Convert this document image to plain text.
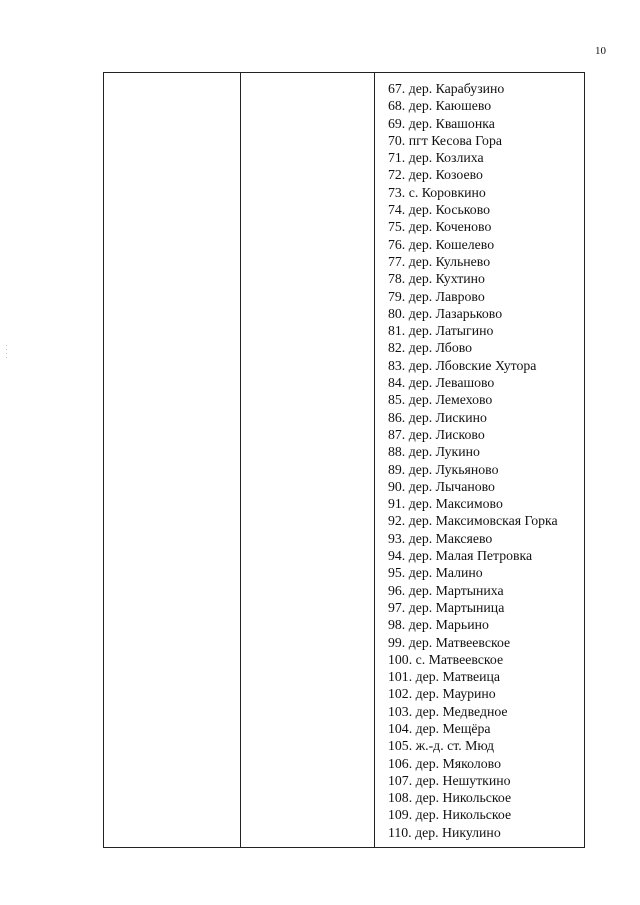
10
67. дер. Карабузино
68. дер. Каюшево
69. дер. Квашонка
70. пгт Кесова Гора
71. дер. Козлиха
72. дер. Козоево
73. с. Коровкино
74. дер. Коськово
75. дер. Коченово
76. дер. Кошелево
77. дер. Кульнево
78. дер. Кухтино
79. дер. Лаврово
80. дер. Лазарьково
81. дер. Латыгино
82. дер. Лбово
83. дер. Лбовские Хутора
84. дер. Левашово
85. дер. Лемехово
86. дер. Лискино
87. дер. Лисково
88. дер. Лукино
89. дер. Лукьяново
90. дер. Лычаново
91. дер. Максимово
92. дер. Максимовская Горка
93. дер. Максяево
94. дер. Малая Петровка
95. дер. Малино
96. дер. Мартыниха
97. дер. Мартыница
98. дер. Марьино
99. дер. Матвеевское
100. с. Матвеевское
101. дер. Матвеица
102. дер. Маурино
103. дер. Медведное
104. дер. Мещёра
105. ж.-д. ст. Мюд
106. дер. Мяколово
107. дер. Нешуткино
108. дер. Никольское
109. дер. Никольское
110. дер. Никулино
